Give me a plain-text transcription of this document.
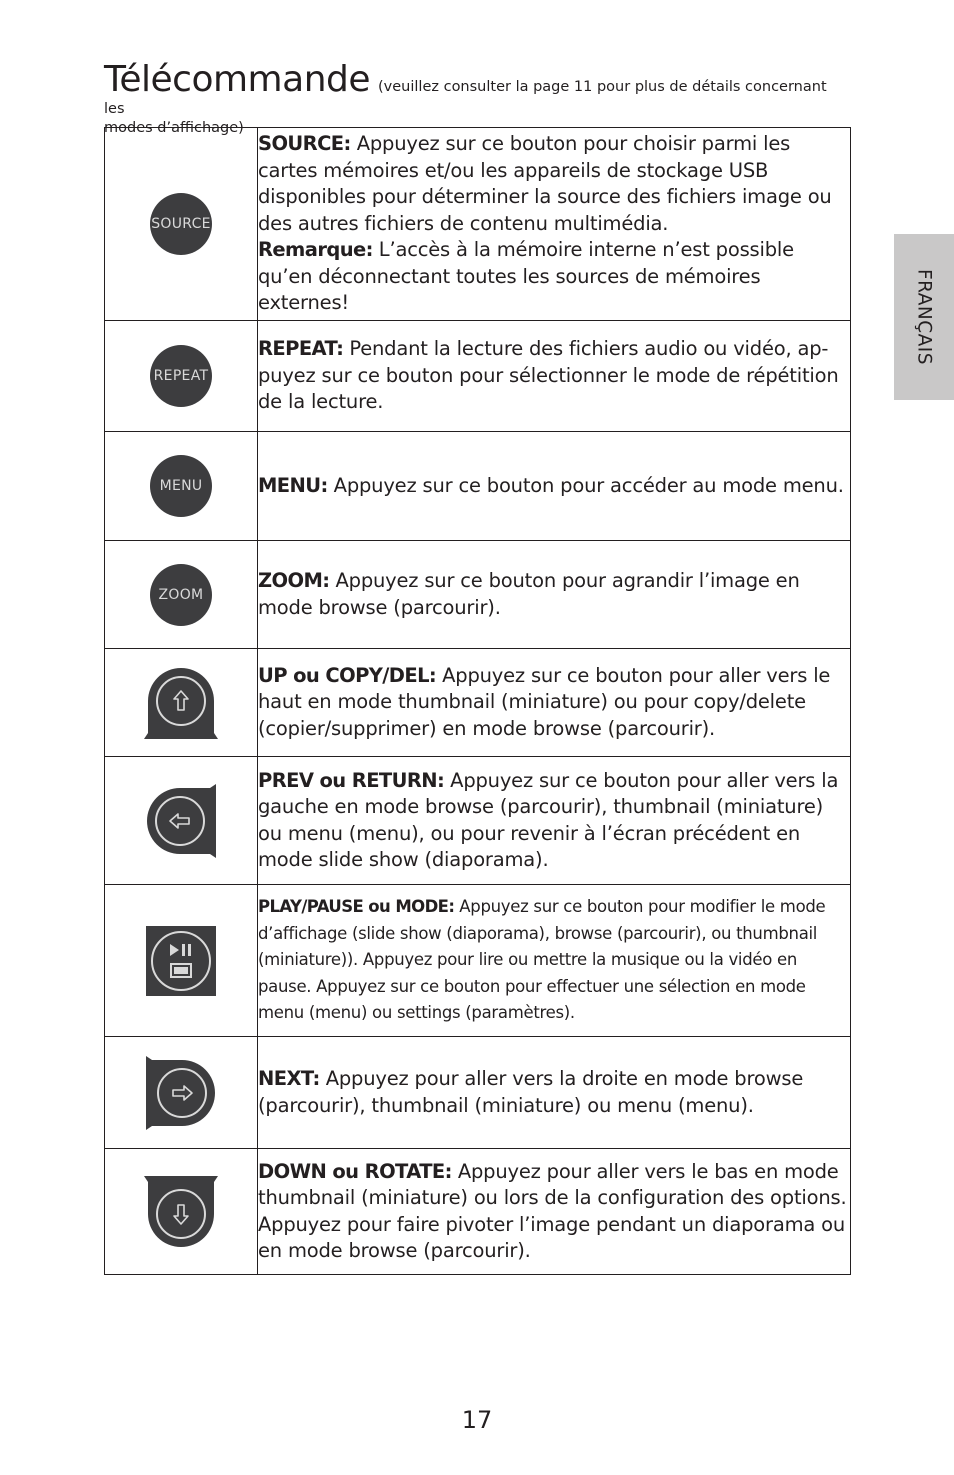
Télécommande (veuillez consulter la page 11 pour plus de détails concernant les
modes d’affichage)
FRANÇAIS
SOURCE	SOURCE: Appuyez sur ce bouton pour choisir parmi les cartes mémoires et/ou les appareils de stockage USB disponibles pour déterminer la source des fichiers image ou des autres fichiers de contenu multimédia.
Remarque: L’accès à la mémoire interne n’est possible qu’en déconnectant toutes les sources de mémoires externes!

REPEAT	REPEAT: Pendant la lecture des fichiers audio ou vidéo, appuyez sur ce bouton pour sélectionner le mode de répétition de la lecture.

MENU	MENU: Appuyez sur ce bouton pour accéder au mode menu.

ZOOM	ZOOM: Appuyez sur ce bouton pour agrandir l’image en mode browse (parcourir).
	UP ou COPY/DEL: Appuyez sur ce bouton pour aller vers le haut en mode thumbnail (miniature) ou pour copy/delete (copier/supprimer) en mode browse (parcourir).
	PREV ou RETURN: Appuyez sur ce bouton pour aller vers la gauche en mode browse (parcourir), thumbnail (miniature) ou menu (menu), ou pour revenir à l’écran précédent en mode slide show (diaporama).
	PLAY/PAUSE ou MODE: Appuyez sur ce bouton pour modifier le mode d’affichage (slide show (diaporama), browse (parcourir), ou thumbnail (miniature)). Appuyez pour lire ou mettre la musique ou la vidéo en pause. Appuyez sur ce bouton pour effectuer une sélection en mode menu (menu) ou settings (paramètres).
	NEXT: Appuyez pour aller vers la droite en mode browse (parcourir), thumbnail (miniature) ou menu (menu).
	DOWN ou ROTATE: Appuyez pour aller vers le bas en mode thumbnail (miniature) ou lors de la configuration des options. Appuyez pour faire pivoter l’image pendant un diaporama ou en mode browse (parcourir).
17
